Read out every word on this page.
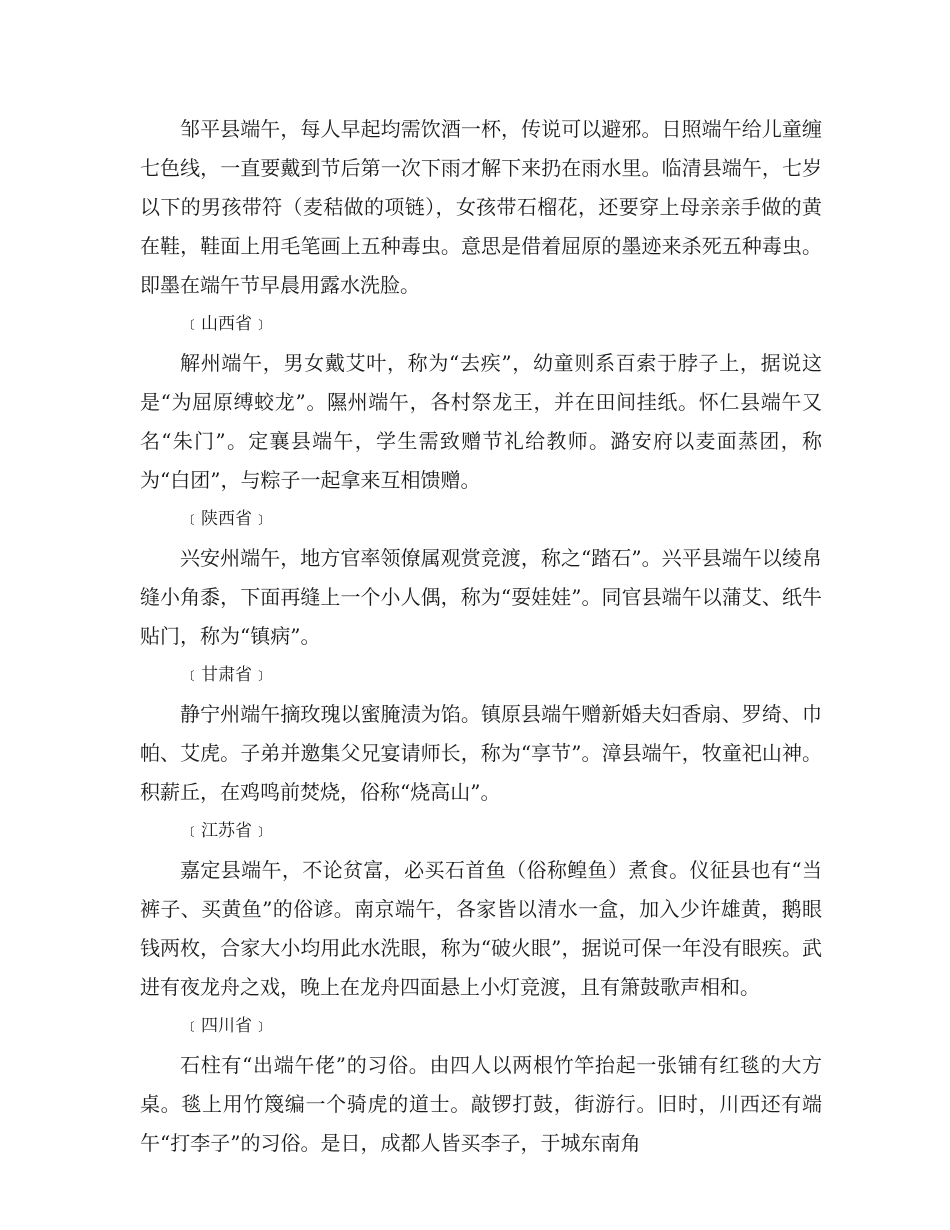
邹平县端午，每人早起均需饮酒一杯，传说可以避邪。日照端午给儿童缠七色线，一直要戴到节后第一次下雨才解下来扔在雨水里。临清县端午，七岁以下的男孩带符（麦秸做的项链），女孩带石榴花，还要穿上母亲亲手做的黄在鞋，鞋面上用毛笔画上五种毒虫。意思是借着屈原的墨迹来杀死五种毒虫。即墨在端午节早晨用露水洗脸。

﹝山西省﹞

解州端午，男女戴艾叶，称为“去疾”，幼童则系百索于脖子上，据说这是“为屈原缚蛟龙”。隰州端午，各村祭龙王，并在田间挂纸。怀仁县端午又名“朱门”。定襄县端午，学生需致赠节礼给教师。潞安府以麦面蒸团，称为“白团”，与粽子一起拿来互相馈赠。

﹝陕西省﹞

兴安州端午，地方官率领僚属观赏竞渡，称之“踏石”。兴平县端午以绫帛缝小角黍，下面再缝上一个小人偶，称为“耍娃娃”。同官县端午以蒲艾、纸牛贴门，称为“镇病”。

﹝甘肃省﹞

静宁州端午摘玫瑰以蜜腌渍为馅。镇原县端午赠新婚夫妇香扇、罗绮、巾帕、艾虎。子弟并邀集父兄宴请师长，称为“享节”。漳县端午，牧童祀山神。积薪丘，在鸡鸣前焚烧，俗称“烧高山”。

﹝江苏省﹞

嘉定县端午，不论贫富，必买石首鱼（俗称鳇鱼）煮食。仪征县也有“当裤子、买黄鱼”的俗谚。南京端午，各家皆以清水一盒，加入少许雄黄，鹅眼钱两枚，合家大小均用此水洗眼，称为“破火眼”，据说可保一年没有眼疾。武进有夜龙舟之戏，晚上在龙舟四面悬上小灯竞渡，且有箫鼓歌声相和。

﹝四川省﹞

石柱有“出端午佬”的习俗。由四人以两根竹竿抬起一张铺有红毯的大方桌。毯上用竹篾编一个骑虎的道士。敲锣打鼓，街游行。旧时，川西还有端午“打李子”的习俗。是日，成都人皆买李子，于城东南角
